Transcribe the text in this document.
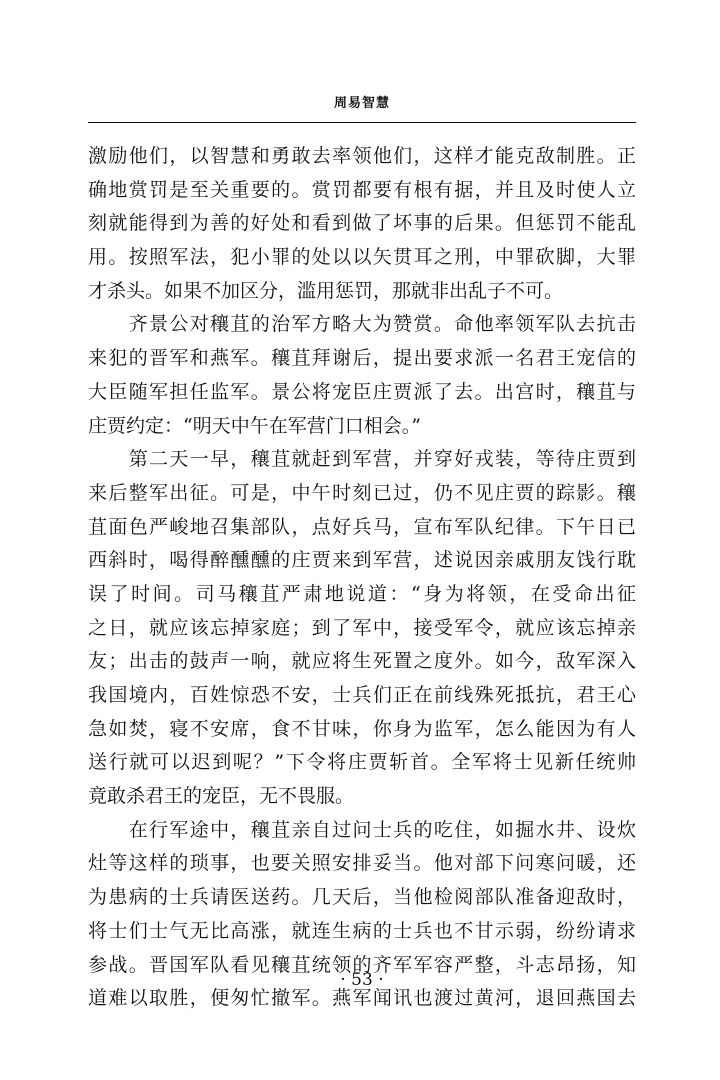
周易智慧
激励他们，以智慧和勇敢去率领他们，这样才能克敌制胜。正
确地赏罚是至关重要的。赏罚都要有根有据，并且及时使人立
刻就能得到为善的好处和看到做了坏事的后果。但惩罚不能乱
用。按照军法，犯小罪的处以以矢贯耳之刑，中罪砍脚，大罪
才杀头。如果不加区分，滥用惩罚，那就非出乱子不可。
　　齐景公对穰苴的治军方略大为赞赏。命他率领军队去抗击
来犯的晋军和燕军。穰苴拜谢后，提出要求派一名君王宠信的
大臣随军担任监军。景公将宠臣庄贾派了去。出宫时，穰苴与
庄贾约定：“明天中午在军营门口相会。”
　　第二天一早，穰苴就赶到军营，并穿好戎装，等待庄贾到
来后整军出征。可是，中午时刻已过，仍不见庄贾的踪影。穰
苴面色严峻地召集部队，点好兵马，宣布军队纪律。下午日已
西斜时，喝得醉醺醺的庄贾来到军营，述说因亲戚朋友饯行耽
误了时间。司马穰苴严肃地说道：“身为将领，在受命出征
之日，就应该忘掉家庭；到了军中，接受军令，就应该忘掉亲
友；出击的鼓声一响，就应将生死置之度外。如今，敌军深入
我国境内，百姓惊恐不安，士兵们正在前线殊死抵抗，君王心
急如焚，寝不安席，食不甘味，你身为监军，怎么能因为有人
送行就可以迟到呢？”下令将庄贾斩首。全军将士见新任统帅
竟敢杀君王的宠臣，无不畏服。
　　在行军途中，穰苴亲自过问士兵的吃住，如掘水井、设炊
灶等这样的琐事，也要关照安排妥当。他对部下问寒问暖，还
为患病的士兵请医送药。几天后，当他检阅部队准备迎敌时，
将士们士气无比高涨，就连生病的士兵也不甘示弱，纷纷请求
参战。晋国军队看见穰苴统领的齐军军容严整，斗志昂扬，知
道难以取胜，便匆忙撤军。燕军闻讯也渡过黄河，退回燕国去
· 53 ·
